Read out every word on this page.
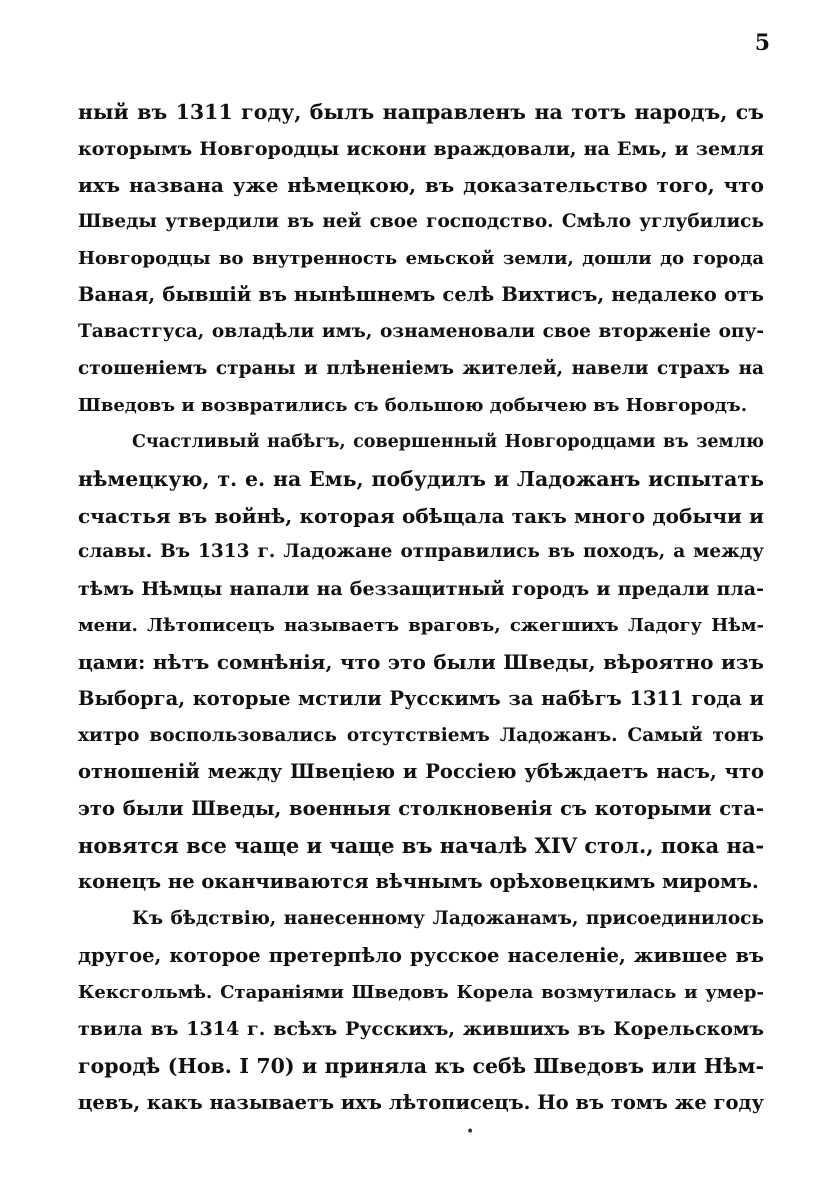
5
ный въ 1311 году, былъ направленъ на тотъ народъ, съ
которымъ Новгородцы искони враждовали, на Емь, и земля
ихъ названа уже нѣмецкою, въ доказательство того, что
Шведы утвердили въ ней свое господство. Смѣло углубились
Новгородцы во внутренность емьской земли, дошли до города
Ваная, бывшій въ нынѣшнемъ селѣ Вихтисъ, недалеко отъ
Тавастгуса, овладѣли имъ, ознаменовали свое вторженіе опу-
стошеніемъ страны и плѣненіемъ жителей, навели страхъ на
Шведовъ и возвратились съ большою добычею въ Новгородъ.
Счастливый набѣгъ, совершенный Новгородцами въ землю
нѣмецкую, т. е. на Емь, побудилъ и Ладожанъ испытать
счастья въ войнѣ, которая обѣщала такъ много добычи и
славы. Въ 1313 г. Ладожане отправились въ походъ, а между
тѣмъ Нѣмцы напали на беззащитный городъ и предали пла-
мени. Лѣтописецъ называетъ враговъ, сжегшихъ Ладогу Нѣм-
цами: нѣтъ сомнѣнія, что это были Шведы, вѣроятно изъ
Выборга, которые мстили Русскимъ за набѣгъ 1311 года и
хитро воспользовались отсутствіемъ Ладожанъ. Самый тонъ
отношеній между Швеціею и Россіею убѣждаетъ насъ, что
это были Шведы, военныя столкновенія съ которыми ста-
новятся все чаще и чаще въ началѣ XIV стол., пока на-
конецъ не оканчиваются вѣчнымъ орѣховецкимъ миромъ.
Къ бѣдствію, нанесенному Ладожанамъ, присоединилось
другое, которое претерпѣло русское населеніе, жившее въ
Кексгольмѣ. Стараніями Шведовъ Корела возмутилась и умер-
твила въ 1314 г. всѣхъ Русскихъ, жившихъ въ Корельскомъ
городѣ (Нов. I 70) и приняла къ себѣ Шведовъ или Нѣм-
цевъ, какъ называетъ ихъ лѣтописецъ. Но въ томъ же году
•
